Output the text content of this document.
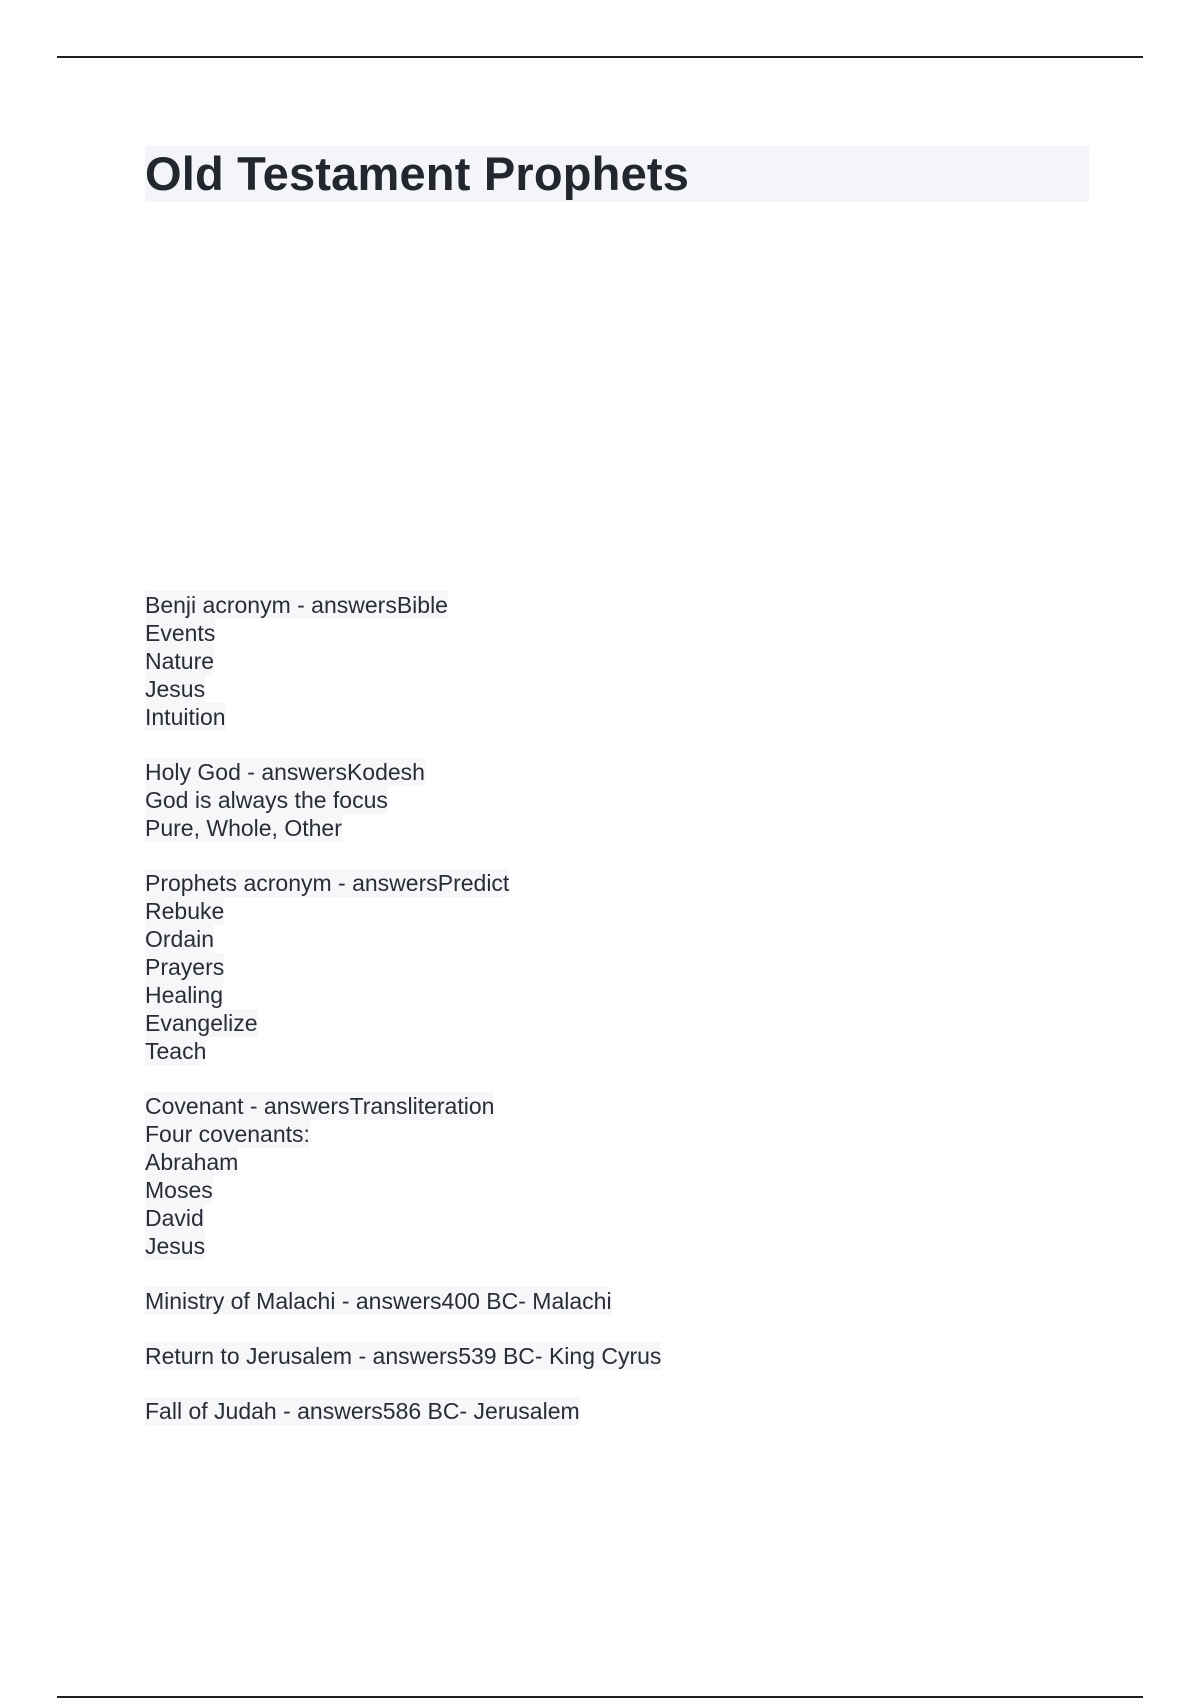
Old Testament Prophets
Benji acronym - answersBible
Events
Nature
Jesus
Intuition
Holy God - answersKodesh
God is always the focus
Pure, Whole, Other
Prophets acronym - answersPredict
Rebuke
Ordain
Prayers
Healing
Evangelize
Teach
Covenant - answersTransliteration
Four covenants:
Abraham
Moses
David
Jesus
Ministry of Malachi - answers400 BC- Malachi
Return to Jerusalem - answers539 BC- King Cyrus
Fall of Judah - answers586 BC- Jerusalem
